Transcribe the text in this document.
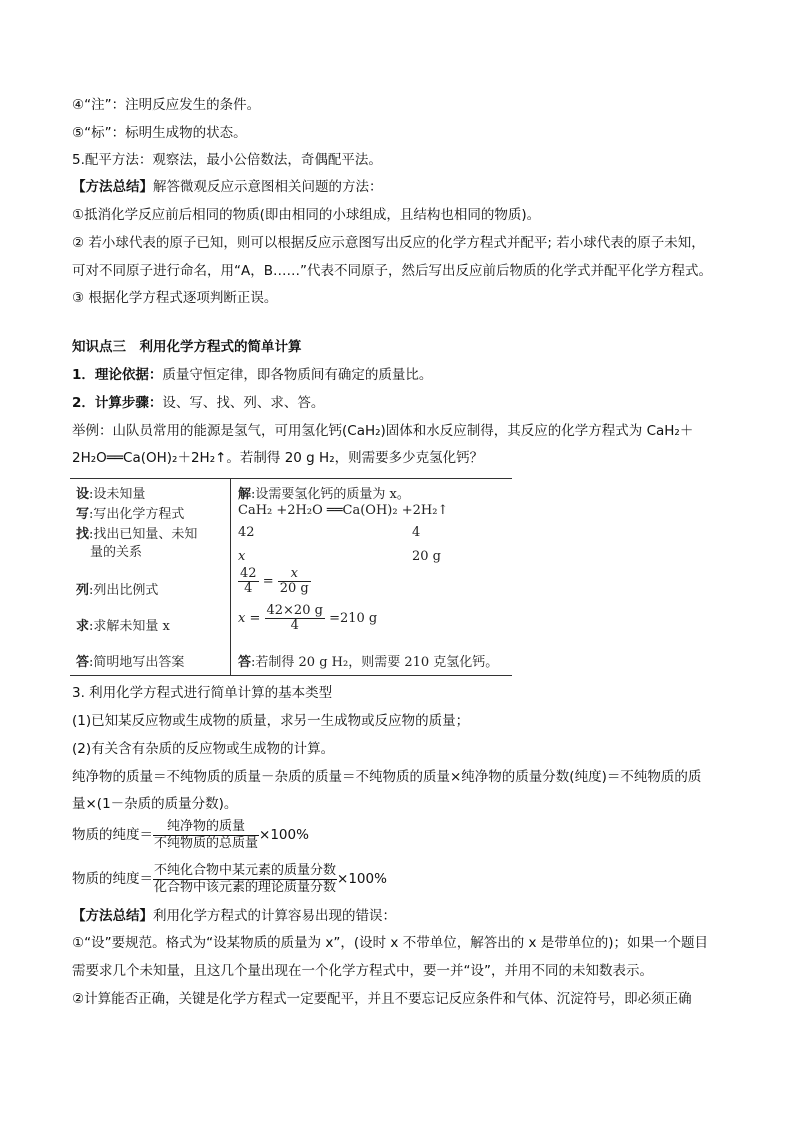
④“注”：注明反应发生的条件。
⑤“标”：标明生成物的状态。
5.配平方法：观察法，最小公倍数法，奇偶配平法。
【方法总结】解答微观反应示意图相关问题的方法：
①抵消化学反应前后相同的物质(即由相同的小球组成，且结构也相同的物质)。
② 若小球代表的原子已知，则可以根据反应示意图写出反应的化学方程式并配平; 若小球代表的原子未知，
可对不同原子进行命名，用“A，B……”代表不同原子，然后写出反应前后物质的化学式并配平化学方程式。
③ 根据化学方程式逐项判断正误。
知识点三　利用化学方程式的简单计算
1．理论依据：质量守恒定律，即各物质间有确定的质量比。
2．计算步骤：设、写、找、列、求、答。
举例：山队员常用的能源是氢气，可用氢化钙(CaH₂)固体和水反应制得，其反应的化学方程式为 CaH₂＋
2H₂O══Ca(OH)₂＋2H₂↑。若制得 20 g H₂，则需要多少克氢化钙？
设:设未知量
写:写出化学方程式
找:找出已知量、未知
量的关系
列:列出比例式
求:求解未知量 x
答:简明地写出答案
解:设需要氢化钙的质量为 x。
CaH₂ +2H₂O ══Ca(OH)₂ +2H₂↑
42	4
x	20 g
$\frac{42}{4} = \frac{x}{20 g}$
$x = \frac{42\times 20 g}{4} =210$ g
答:若制得 20 g H₂，则需要 210 克氢化钙。
3. 利用化学方程式进行简单计算的基本类型
(1)已知某反应物或生成物的质量，求另一生成物或反应物的质量；
(2)有关含有杂质的反应物或生成物的计算。
纯净物的质量＝不纯物质的质量－杂质的质量＝不纯物质的质量×纯净物的质量分数(纯度)＝不纯物质的质
量×(1－杂质的质量分数)。
物质的纯度＝ $\frac{\text{纯净物的质量}}{\text{不纯物质的总质量}} \times 100\%$
物质的纯度＝ $\frac{\text{不纯化合物中某元素的质量分数}}{\text{化合物中该元素的理论质量分数}} \times 100\%$
【方法总结】利用化学方程式的计算容易出现的错误：
①“设”要规范。格式为“设某物质的质量为 x”，(设时 x 不带单位，解答出的 x 是带单位的)；如果一个题目
需要求几个未知量，且这几个量出现在一个化学方程式中，要一并“设”，并用不同的未知数表示。
②计算能否正确，关键是化学方程式一定要配平，并且不要忘记反应条件和气体、沉淀符号，即必须正确
